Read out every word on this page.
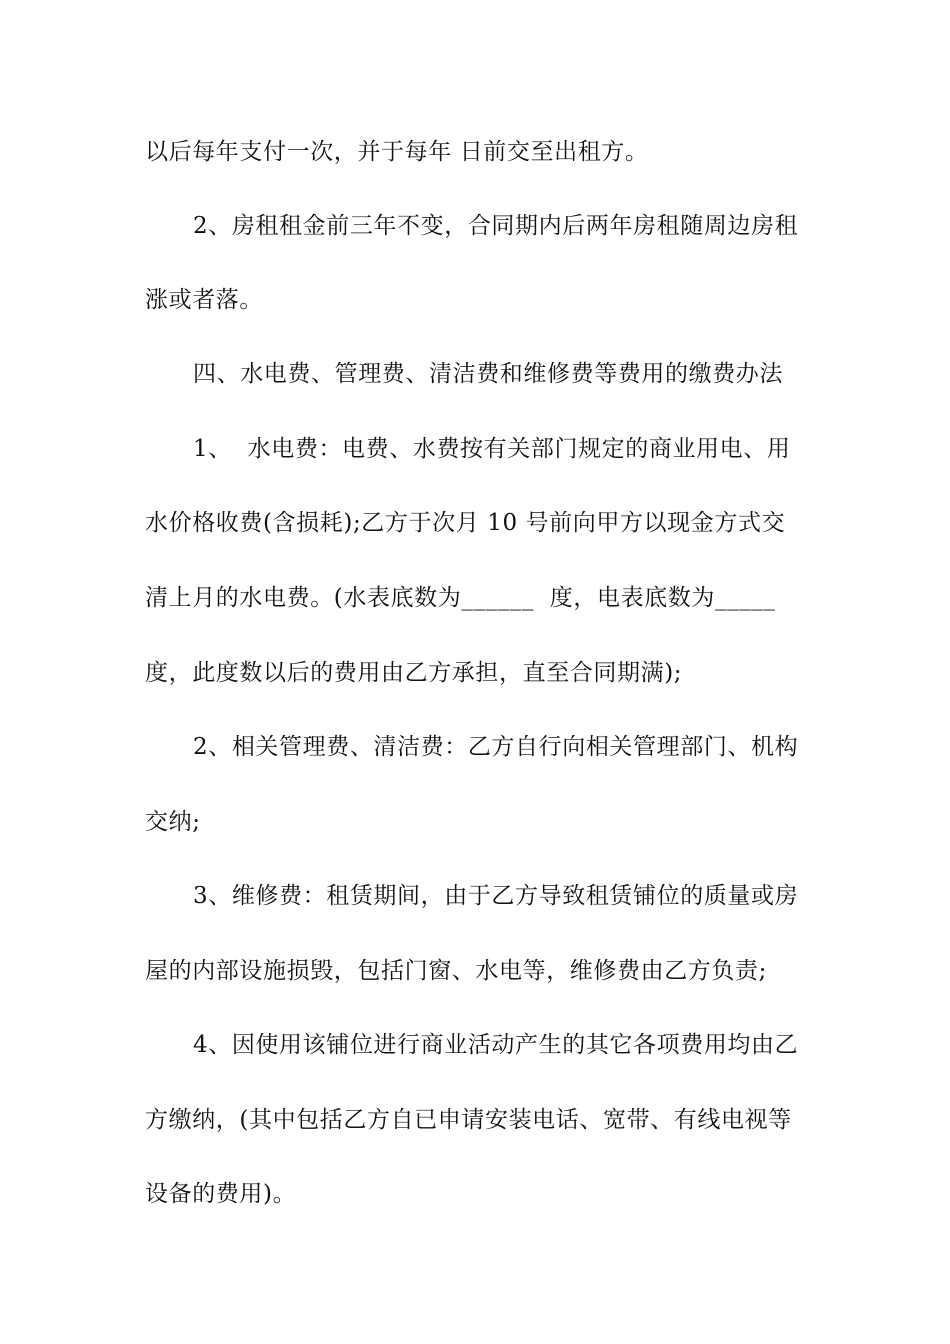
以后每年支付一次，并于每年 日前交至出租方。
2、房租租金前三年不变，合同期内后两年房租随周边房租
涨或者落。
四、水电费、管理费、清洁费和维修费等费用的缴费办法
1、  水电费：电费、水费按有关部门规定的商业用电、用
水价格收费(含损耗);乙方于次月 10 号前向甲方以现金方式交
清上月的水电费。(水表底数为______  度，电表底数为_____
度，此度数以后的费用由乙方承担，直至合同期满);
2、相关管理费、清洁费：乙方自行向相关管理部门、机构
交纳;
3、维修费：租赁期间，由于乙方导致租赁铺位的质量或房
屋的内部设施损毁，包括门窗、水电等，维修费由乙方负责;
4、因使用该铺位进行商业活动产生的其它各项费用均由乙
方缴纳，(其中包括乙方自已申请安装电话、宽带、有线电视等
设备的费用)。
